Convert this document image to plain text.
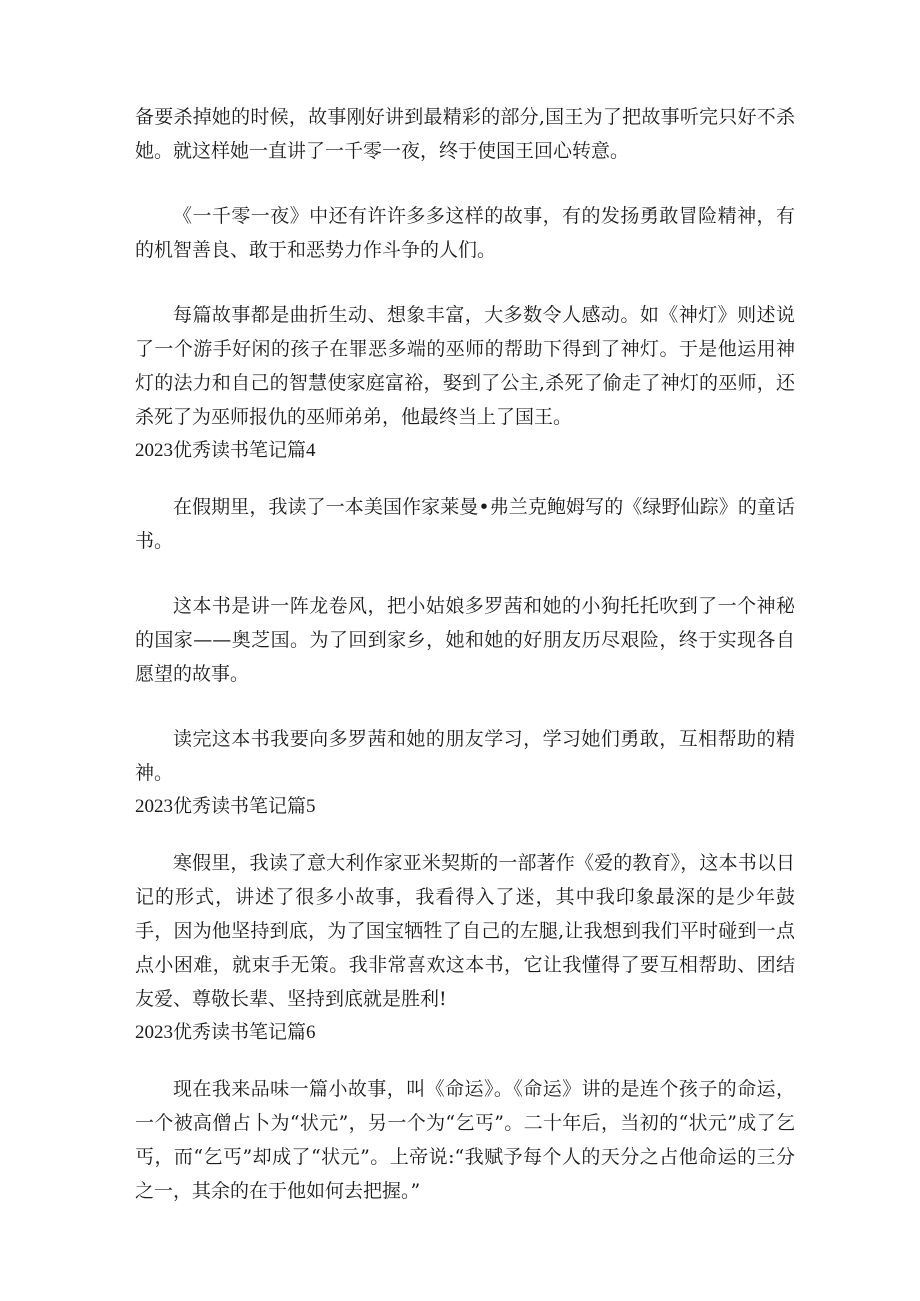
备要杀掉她的时候，故事刚好讲到最精彩的部分,国王为了把故事听完只好不杀她。就这样她一直讲了一千零一夜，终于使国王回心转意。

《一千零一夜》中还有许许多多这样的故事，有的发扬勇敢冒险精神，有的机智善良、敢于和恶势力作斗争的人们。

每篇故事都是曲折生动、想象丰富，大多数令人感动。如《神灯》则述说了一个游手好闲的孩子在罪恶多端的巫师的帮助下得到了神灯。于是他运用神灯的法力和自己的智慧使家庭富裕，娶到了公主,杀死了偷走了神灯的巫师，还杀死了为巫师报仇的巫师弟弟，他最终当上了国王。

2023优秀读书笔记篇4

在假期里，我读了一本美国作家莱曼•弗兰克鲍姆写的《绿野仙踪》的童话书。

这本书是讲一阵龙卷风，把小姑娘多罗茜和她的小狗托托吹到了一个神秘的国家——奥芝国。为了回到家乡，她和她的好朋友历尽艰险，终于实现各自愿望的故事。

读完这本书我要向多罗茜和她的朋友学习，学习她们勇敢，互相帮助的精神。

2023优秀读书笔记篇5

寒假里，我读了意大利作家亚米契斯的一部著作《爱的教育》，这本书以日记的形式，讲述了很多小故事，我看得入了迷，其中我印象最深的是少年鼓手，因为他坚持到底，为了国宝牺牲了自己的左腿,让我想到我们平时碰到一点点小困难，就束手无策。我非常喜欢这本书，它让我懂得了要互相帮助、团结友爱、尊敬长辈、坚持到底就是胜利!

2023优秀读书笔记篇6

现在我来品味一篇小故事，叫《命运》。《命运》讲的是连个孩子的命运，一个被高僧占卜为“状元”，另一个为“乞丐”。二十年后，当初的“状元”成了乞丐，而“乞丐”却成了“状元”。上帝说:“我赋予每个人的天分之占他命运的三分之一，其余的在于他如何去把握。”
